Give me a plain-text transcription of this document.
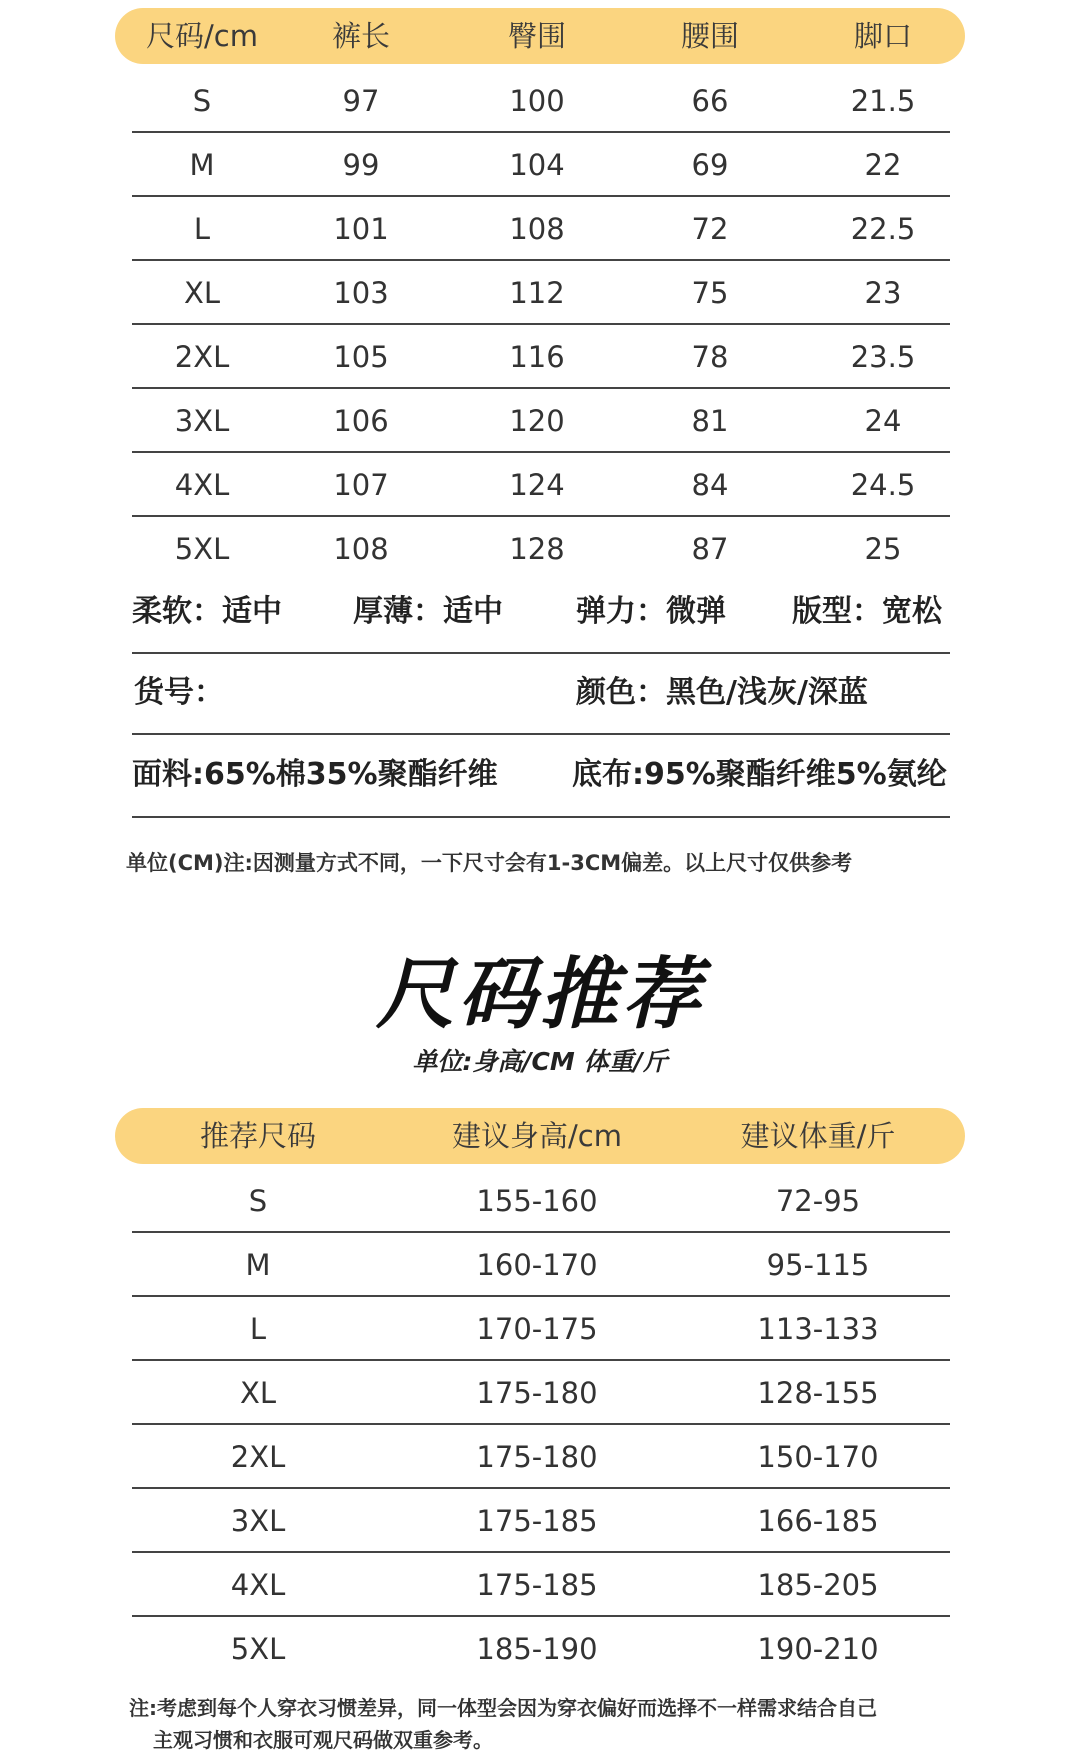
尺码/cm	裤长	臀围	腰围	脚口
S	97	100	66	21.5
M	99	104	69	22
L	101	108	72	22.5
XL	103	112	75	23
2XL	105	116	78	23.5
3XL	106	120	81	24
4XL	107	124	84	24.5
5XL	108	128	87	25
柔软：适中 厚薄：适中 弹力：微弹 版型：宽松
货号：	颜色：黑色/浅灰/深蓝
面料:65%棉35%聚酯纤维 底布:95%聚酯纤维5%氨纶
单位(CM)注:因测量方式不同，一下尺寸会有1-3CM偏差。以上尺寸仅供参考
尺码推荐
单位:身高/CM 体重/斤
推荐尺码	建议身高/cm	建议体重/斤
S	155-160	72-95
M	160-170	95-115
L	170-175	113-133
XL	175-180	128-155
2XL	175-180	150-170
3XL	175-185	166-185
4XL	175-185	185-205
5XL	185-190	190-210
注:考虑到每个人穿衣习惯差异，同一体型会因为穿衣偏好而选择不一样需求结合自己
主观习惯和衣服可观尺码做双重参考。
